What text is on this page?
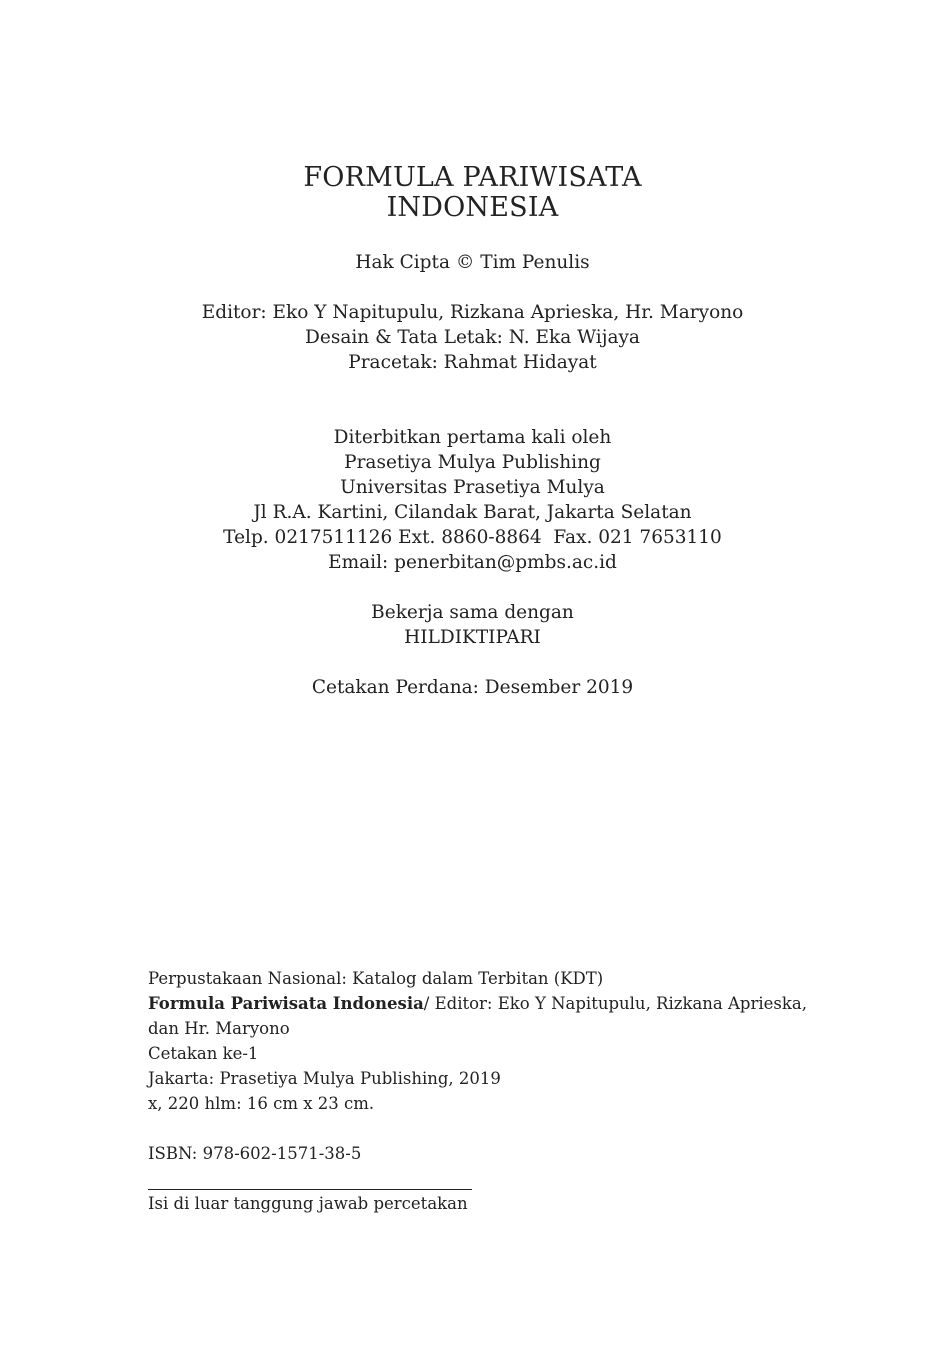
FORMULA PARIWISATA
INDONESIA
Hak Cipta © Tim Penulis
Editor: Eko Y Napitupulu, Rizkana Aprieska, Hr. Maryono
Desain & Tata Letak: N. Eka Wijaya
Pracetak: Rahmat Hidayat
Diterbitkan pertama kali oleh
Prasetiya Mulya Publishing
Universitas Prasetiya Mulya
Jl R.A. Kartini, Cilandak Barat, Jakarta Selatan
Telp. 0217511126 Ext. 8860-8864  Fax. 021 7653110
Email: penerbitan@pmbs.ac.id
Bekerja sama dengan
HILDIKTIPARI
Cetakan Perdana: Desember 2019
Perpustakaan Nasional: Katalog dalam Terbitan (KDT)
Formula Pariwisata Indonesia/ Editor: Eko Y Napitupulu, Rizkana Aprieska,
dan Hr. Maryono
Cetakan ke-1
Jakarta: Prasetiya Mulya Publishing, 2019
x, 220 hlm: 16 cm x 23 cm.
ISBN: 978-602-1571-38-5
Isi di luar tanggung jawab percetakan
